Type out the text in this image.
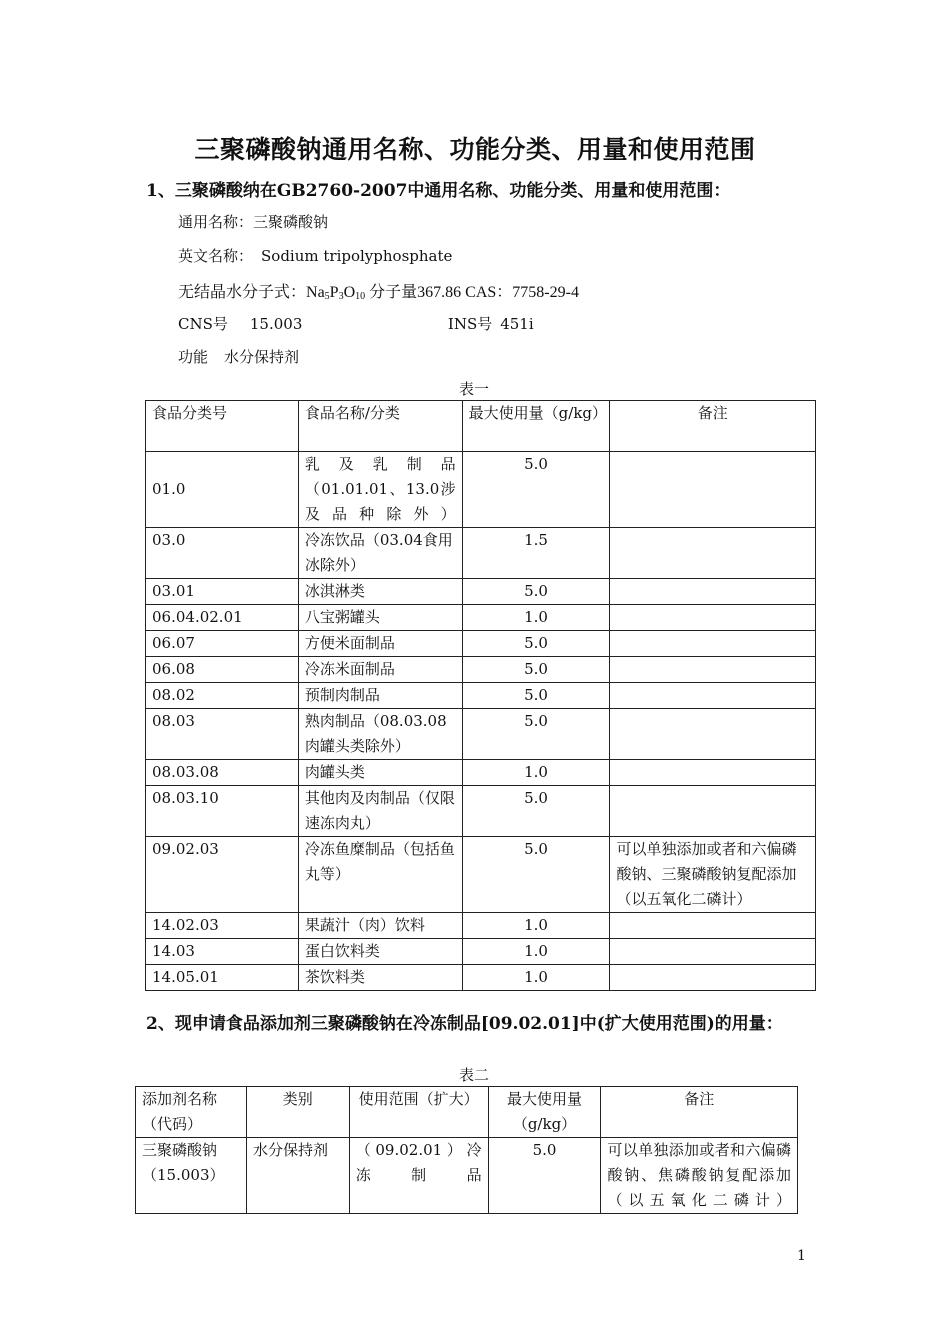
三聚磷酸钠通用名称、功能分类、用量和使用范围
1、三聚磷酸纳在GB2760-2007中通用名称、功能分类、用量和使用范围：
通用名称：三聚磷酸钠
英文名称： Sodium tripolyphosphate
无结晶水分子式：$Na_5P_3O_{10}$ 分子量367.86 CAS：7758-29-4
CNS号 15.003	INS号 451i
功能 水分保持剂
表一
食品分类号	食品名称/分类	最大使用量（g/kg）	备注
01.0	乳及乳制品（01.01.01、13.0涉及品种除外）	5.0	
03.0	冷冻饮品（03.04食用冰除外）	1.5	
03.01	冰淇淋类	5.0	
06.04.02.01	八宝粥罐头	1.0	
06.07	方便米面制品	5.0	
06.08	冷冻米面制品	5.0	
08.02	预制肉制品	5.0	
08.03	熟肉制品（08.03.08肉罐头类除外）	5.0	
08.03.08	肉罐头类	1.0	
08.03.10	其他肉及肉制品（仅限速冻肉丸）	5.0	
09.02.03	冷冻鱼糜制品（包括鱼丸等）	5.0	可以单独添加或者和六偏磷酸钠、三聚磷酸钠复配添加（以五氧化二磷计）
14.02.03	果蔬汁（肉）饮料	1.0	
14.03	蛋白饮料类	1.0	
14.05.01	茶饮料类	1.0	
2、现申请食品添加剂三聚磷酸钠在冷冻制品[09.02.01]中(扩大使用范围)的用量：
表二
添加剂名称（代码）	类别	使用范围（扩大）	最大使用量（g/kg）	备注
三聚磷酸钠（15.003）	水分保持剂	（09.02.01）冷冻制品	5.0	可以单独添加或者和六偏磷酸钠、焦磷酸钠复配添加（以五氧化二磷计）
1
